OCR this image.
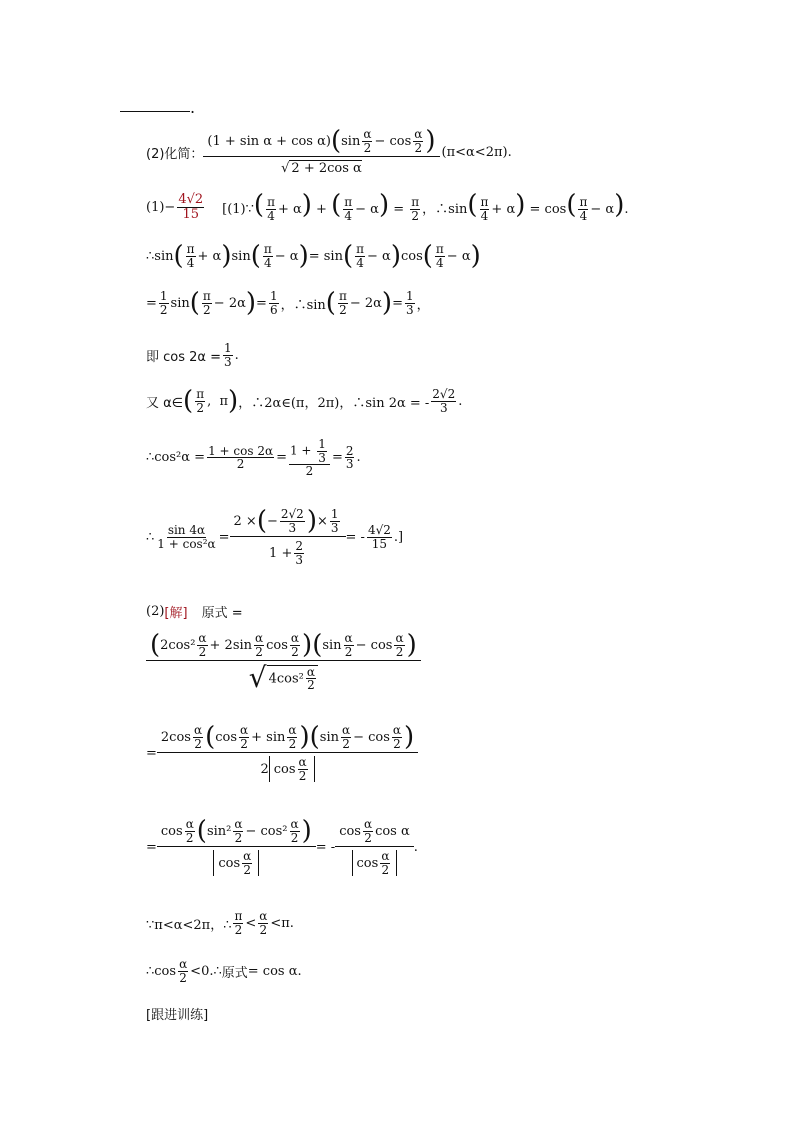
.
(2)化简：
(1 + sin α + cos α) ( sin α
2 − cos α
2 )
√ 2 + 2cos α
(π<α<2π).
$(1)- \frac{4√2}{15}$ [(1)∵( $\frac{\pi}{4} + \alpha$) + ( $\frac{\pi}{4} - \alpha) = \frac{\pi}{2}$ ，∴sin( $\frac{\pi}{4} + \alpha) = \cos( \frac{\pi}{4} - \alpha)$.
∴sin ( π
4 + α ) sin ( π
4 − α ) = sin ( π
4 − α ) cos ( π
4 − α )
= 1
2 sin ( π
2 − 2α ) = 1
6 ，∴sin ( π
2 − 2α ) = 1
3 ，
即 $\cos 2\alpha = \frac{1}{3}$ .
又 α∈ ( π
2 ,  π ) ，∴2α∈(π，2π)，∴sin 2α = -
2√2
3 .
∴cos²α = 1 + cos 2α
$2 = 1 + \frac{1}{3}$
2
= 2
3 .
∴ sin 4α
1 + cos²α =
2 × ( − 2√2
3 ) × 1
3
1 + 2
3
= - 4√2
15 .]
(2) [解] 原式 =
( 2cos² α
2 + 2sin α
2 cos α
2 ) ( sin α
2 − cos α
2 )
√ $4\cos^2 \frac{\alpha}{2}$
=
2cos α
2 ( cos α
2 + sin α
2 ) ( sin α
2 − cos α
2 )
2 cos α
2
=
cos α
2 ( sin² α
2 − cos² α
2 )
cos α
2
= -
cos α
2 cos α
cos α
2
.
∵π<α<2π，∴
π
2 < α
2 <π.
∴cos α
2 <0.∴ 原式 = cos α.
[跟进训练]
